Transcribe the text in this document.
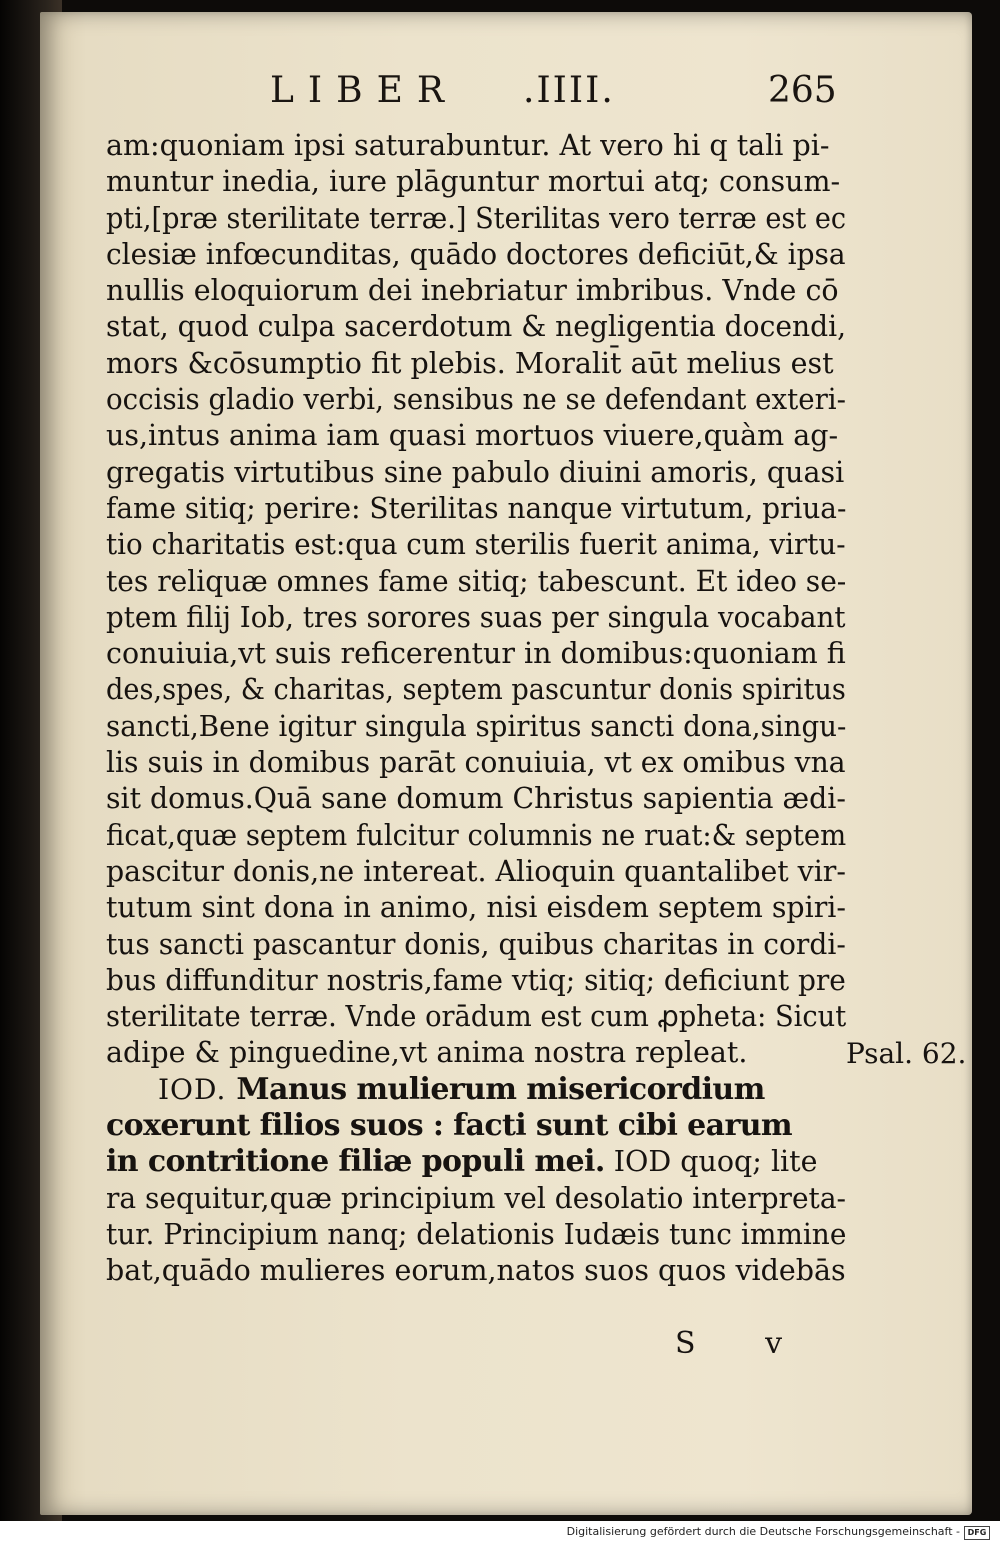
LIBER .IIII.	265
am:quoniam ipsi saturabuntur. At vero hi q tali pi-
muntur inedia, iure plāguntur mortui atq; consum-
pti,[præ sterilitate terræ.] Sterilitas vero terræ est ec
clesiæ infœcunditas, quādo doctores deficiūt,& ipsa
nullis eloquiorum dei inebriatur imbribus. Vnde cō
stat, quod culpa sacerdotum & negligentia docendi,
mors &cōsumptio fit plebis. Moralit̄ aūt melius est
occisis gladio verbi, sensibus ne se defendant exteri-
us,intus anima iam quasi mortuos viuere,quàm ag-
gregatis virtutibus sine pabulo diuini amoris, quasi
fame sitiq; perire: Sterilitas nanque virtutum, priua-
tio charitatis est:qua cum sterilis fuerit anima, virtu-
tes reliquæ omnes fame sitiq; tabescunt. Et ideo se-
ptem filij Iob, tres sorores suas per singula vocabant
conuiuia,vt suis reficerentur in domibus:quoniam fi
des,spes, & charitas, septem pascuntur donis spiritus
sancti,Bene igitur singula spiritus sancti dona,singu-
lis suis in domibus parāt conuiuia, vt ex omibus vna
sit domus.Quā sane domum Christus sapientia ædi-
ficat,quæ septem fulcitur columnis ne ruat:& septem
pascitur donis,ne intereat. Alioquin quantalibet vir-
tutum sint dona in animo, nisi eisdem septem spiri-
tus sancti pascantur donis, quibus charitas in cordi-
bus diffunditur nostris,fame vtiq; sitiq; deficiunt pre
sterilitate terræ. Vnde orādum est cum ꝓpheta: Sicut
adipe & pinguedine,vt anima nostra repleat.
IOD. Manus mulierum misericordium
coxerunt filios suos : facti sunt cibi earum
in contritione filiæ populi mei. IOD quoq; lite
ra sequitur,quæ principium vel desolatio interpreta-
tur. Principium nanq; delationis Iudæis tunc immine
bat,quādo mulieres eorum,natos suos quos videbās
Psal. 62.
S v
Digitalisierung gefördert durch die Deutsche Forschungsgemeinschaft - DFG
